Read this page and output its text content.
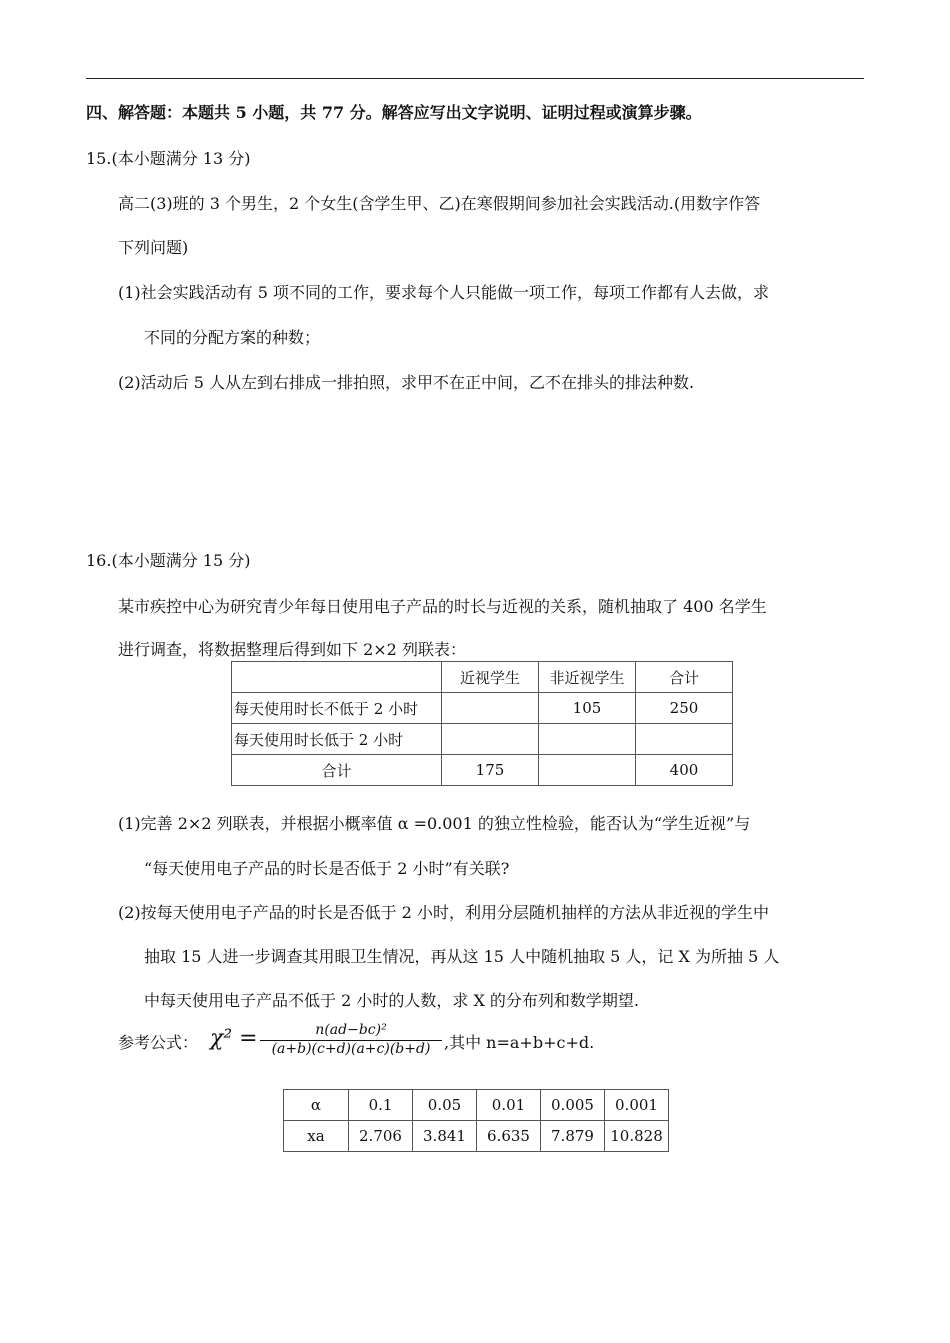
四、解答题：本题共 5 小题，共 77 分。解答应写出文字说明、证明过程或演算步骤。
15.(本小题满分 13 分)
高二(3)班的 3 个男生，2 个女生(含学生甲、乙)在寒假期间参加社会实践活动.(用数字作答
下列问题)
(1)社会实践活动有 5 项不同的工作，要求每个人只能做一项工作，每项工作都有人去做，求
不同的分配方案的种数；
(2)活动后 5 人从左到右排成一排拍照，求甲不在正中间，乙不在排头的排法种数.
16.(本小题满分 15 分)
某市疾控中心为研究青少年每日使用电子产品的时长与近视的关系，随机抽取了 400 名学生
进行调查，将数据整理后得到如下 2×2 列联表：
	近视学生	非近视学生	合计
每天使用时长不低于 2 小时		105	250
每天使用时长低于 2 小时			
合计	175		400
(1)完善 2×2 列联表，并根据小概率值 α =0.001 的独立性检验，能否认为“学生近视”与
“每天使用电子产品的时长是否低于 2 小时”有关联?
(2)按每天使用电子产品的时长是否低于 2 小时，利用分层随机抽样的方法从非近视的学生中
抽取 15 人进一步调查其用眼卫生情况，再从这 15 人中随机抽取 5 人，记 X 为所抽 5 人
中每天使用电子产品不低于 2 小时的人数，求 X 的分布列和数学期望.
参考公式： $\chi^2 = \frac{\text{n(ad−bc)²}}{(a+b)(c+d)(a+c)(b+d)}$ ,其中 n=a+b+c+d.
α	0.1	0.05	0.01	0.005	0.001
xa	2.706	3.841	6.635	7.879	10.828
